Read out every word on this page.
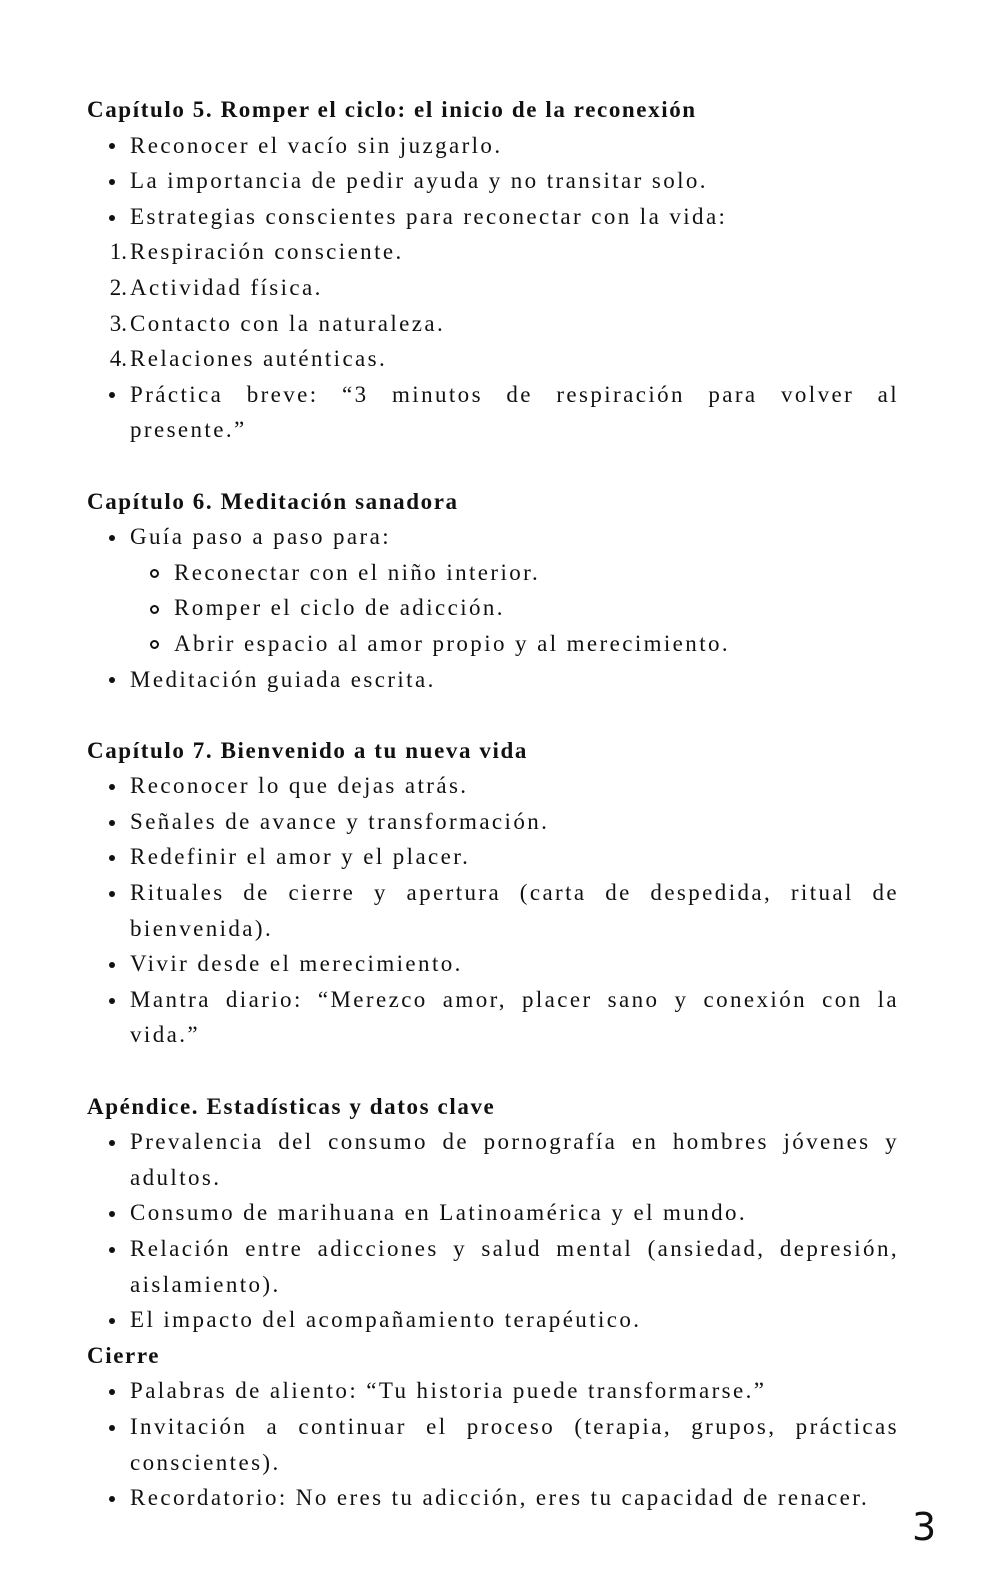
Capítulo 5. Romper el ciclo: el inicio de la reconexión
Reconocer el vacío sin juzgarlo.
La importancia de pedir ayuda y no transitar solo.
Estrategias conscientes para reconectar con la vida:
1. Respiración consciente.
2. Actividad física.
3. Contacto con la naturaleza.
4. Relaciones auténticas.
Práctica breve: “3 minutos de respiración para volver al presente.”
Capítulo 6. Meditación sanadora
Guía paso a paso para:
Reconectar con el niño interior.
Romper el ciclo de adicción.
Abrir espacio al amor propio y al merecimiento.
Meditación guiada escrita.
Capítulo 7. Bienvenido a tu nueva vida
Reconocer lo que dejas atrás.
Señales de avance y transformación.
Redefinir el amor y el placer.
Rituales de cierre y apertura (carta de despedida, ritual de bienvenida).
Vivir desde el merecimiento.
Mantra diario: “Merezco amor, placer sano y conexión con la vida.”
Apéndice. Estadísticas y datos clave
Prevalencia del consumo de pornografía en hombres jóvenes y adultos.
Consumo de marihuana en Latinoamérica y el mundo.
Relación entre adicciones y salud mental (ansiedad, depresión, aislamiento).
El impacto del acompañamiento terapéutico.
Cierre
Palabras de aliento: “Tu historia puede transformarse.”
Invitación a continuar el proceso (terapia, grupos, prácticas conscientes).
Recordatorio: No eres tu adicción, eres tu capacidad de renacer.
3
